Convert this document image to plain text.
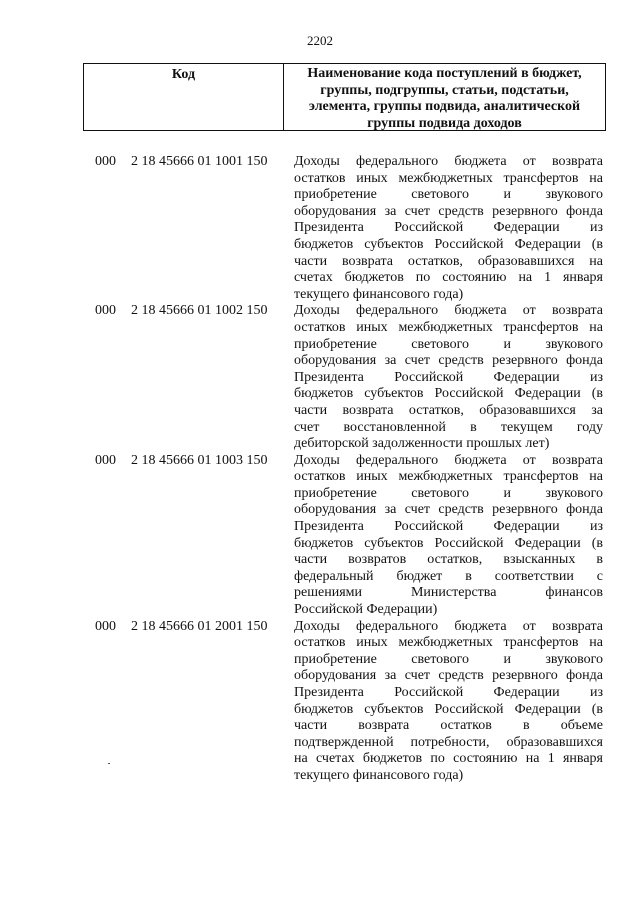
2202
Код	Наименование кода поступлений в бюджет, группы, подгруппы, статьи, подстатьи, элемента, группы подвида, аналитической группы подвида доходов
000	2 18 45666 01 1001 150	Доходы федерального бюджета от возврата
остатков иных межбюджетных трансфертов на
приобретение светового и звукового
оборудования за счет средств резервного фонда
Президента Российской Федерации из
бюджетов субъектов Российской Федерации (в
части возврата остатков, образовавшихся на
счетах бюджетов по состоянию на 1 января
текущего финансового года)
000	2 18 45666 01 1002 150	Доходы федерального бюджета от возврата
остатков иных межбюджетных трансфертов на
приобретение светового и звукового
оборудования за счет средств резервного фонда
Президента Российской Федерации из
бюджетов субъектов Российской Федерации (в
части возврата остатков, образовавшихся за
счет восстановленной в текущем году
дебиторской задолженности прошлых лет)
000	2 18 45666 01 1003 150	Доходы федерального бюджета от возврата
остатков иных межбюджетных трансфертов на
приобретение светового и звукового
оборудования за счет средств резервного фонда
Президента Российской Федерации из
бюджетов субъектов Российской Федерации (в
части возвратов остатков, взысканных в
федеральный бюджет в соответствии с
решениями Министерства финансов
Российской Федерации)
000	2 18 45666 01 2001 150	Доходы федерального бюджета от возврата
остатков иных межбюджетных трансфертов на
приобретение светового и звукового
оборудования за счет средств резервного фонда
Президента Российской Федерации из
бюджетов субъектов Российской Федерации (в
части возврата остатков в объеме
подтвержденной потребности, образовавшихся
на счетах бюджетов по состоянию на 1 января
текущего финансового года)
